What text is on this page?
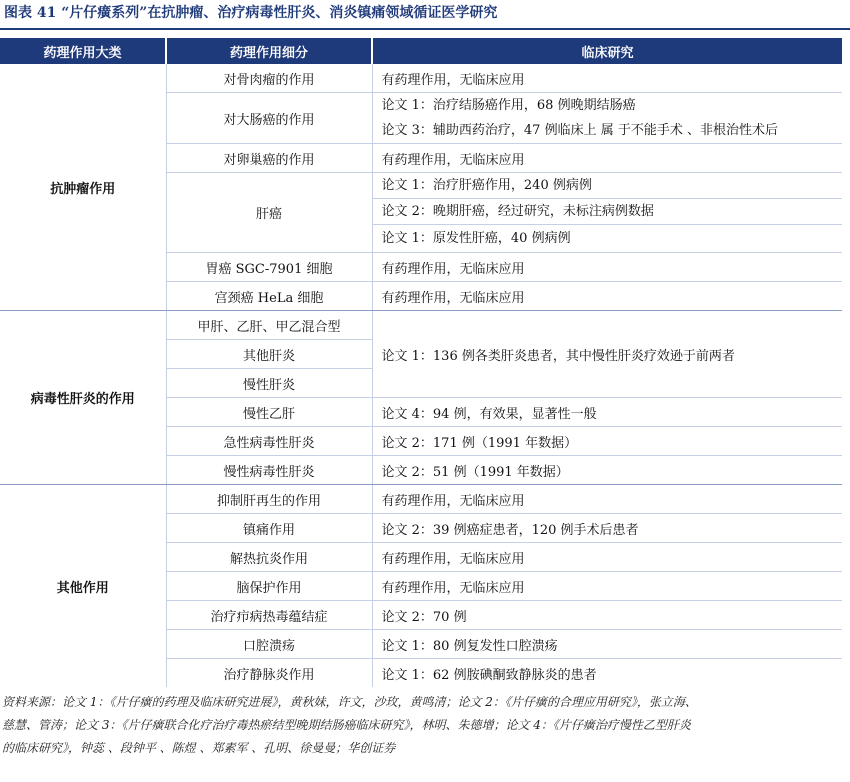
图表 41 “片仔癀系列”在抗肿瘤、治疗病毒性肝炎、消炎镇痛领域循证医学研究
药理作用大类	药理作用细分	临床研究
抗肿瘤作用	对骨肉瘤的作用	有药理作用，无临床应用
	对大肠癌的作用	论文 1：治疗结肠癌作用，68 例晚期结肠癌
论文 3：辅助西药治疗，47 例临床上 属 于不能手术 、非根治性术后

	对卵巢癌的作用	有药理作用，无临床应用
	肝癌	论文 1：治疗肝癌作用，240 例病例
论文 2：晚期肝癌，经过研究，未标注病例数据
论文 1：原发性肝癌，40 例病例

	胃癌 SGC-7901 细胞	有药理作用，无临床应用
	宫颈癌 HeLa 细胞	有药理作用，无临床应用
病毒性肝炎的作用	甲肝、乙肝、甲乙混合型	论文 1：136 例各类肝炎患者，其中慢性肝炎疗效逊于前两者
	其他肝炎	
	慢性肝炎	
	慢性乙肝	论文 4：94 例，有效果，显著性一般
	急性病毒性肝炎	论文 2：171 例（1991 年数据）
	慢性病毒性肝炎	论文 2：51 例（1991 年数据）
其他作用	抑制肝再生的作用	有药理作用，无临床应用
	镇痛作用	论文 2：39 例癌症患者，120 例手术后患者
	解热抗炎作用	有药理作用，无临床应用
	脑保护作用	有药理作用，无临床应用
	治疗疖病热毒蕴结症	论文 2：70 例
	口腔溃疡	论文 1：80 例复发性口腔溃疡
	治疗静脉炎作用	论文 1：62 例胺碘酮致静脉炎的患者
资料来源：论文 1：《片仔癀的药理及临床研究进展》，黄秋妹，许文，沙玫，黄鸣清；论文 2：《片仔癀的合理应用研究》，张立海、
慈慧、管涛；论文 3：《片仔癀联合化疗治疗毒热瘀结型晚期结肠癌临床研究》，林明、朱德增；论文 4：《片仔癀治疗慢性乙型肝炎
的临床研究》，钟蕊 、段钟平 、陈煜 、郑素军 、孔明、徐曼曼；华创证券
